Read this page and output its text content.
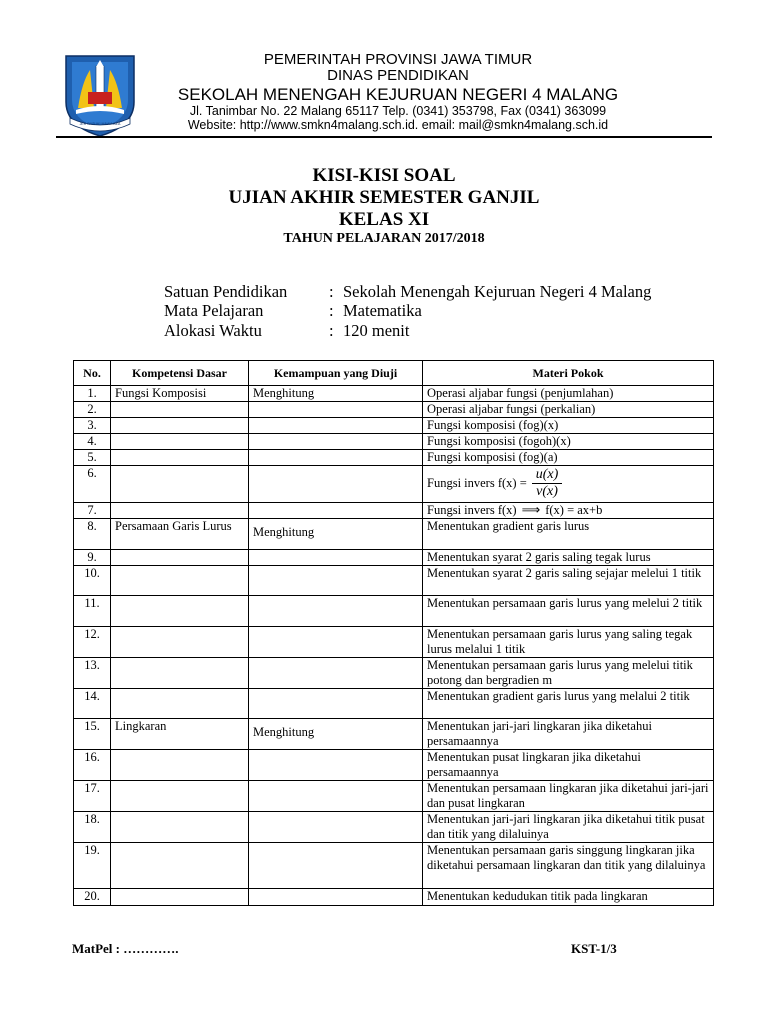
JER BASUKI MAWA BEA
PEMERINTAH PROVINSI JAWA TIMUR
DINAS PENDIDIKAN
SEKOLAH MENENGAH KEJURUAN NEGERI 4 MALANG
Jl. Tanimbar No. 22 Malang 65117 Telp. (0341) 353798, Fax (0341) 363099
Website: http://www.smkn4malang.sch.id. email: mail@smkn4malang.sch.id
KISI-KISI SOAL
UJIAN AKHIR SEMESTER GANJIL
KELAS XI
TAHUN PELAJARAN 2017/2018
Satuan Pendidikan	: Sekolah Menengah Kejuruan Negeri 4 Malang
Mata Pelajaran	: Matematika
Alokasi Waktu	: 120 menit
No.	Kompetensi Dasar	Kemampuan yang Diuji	Materi Pokok
1.	Fungsi Komposisi	Menghitung	Operasi aljabar fungsi (penjumlahan)
2.			Operasi aljabar fungsi (perkalian)
3.			Fungsi komposisi (fog)(x)
4.			Fungsi komposisi (fogoh)(x)
5.			Fungsi komposisi (fog)(a)
6.			Fungsi invers $f(x) = \frac{u(x)}{v(x)}$

7.			Fungsi invers f(x) ⟹ f(x) = ax+b
8.	Persamaan Garis Lurus	Menghitung	Menentukan gradient garis lurus
9.			Menentukan syarat 2 garis saling tegak lurus
10.			Menentukan syarat 2 garis saling sejajar melelui 1 titik
11.			Menentukan persamaan garis lurus yang melelui 2 titik
12.			Menentukan persamaan garis lurus yang saling tegak lurus melalui 1 titik
13.			Menentukan persamaan garis lurus yang melelui titik potong dan bergradien m
14.			Menentukan gradient garis lurus yang melalui 2 titik
15.	Lingkaran	Menghitung	Menentukan jari-jari lingkaran jika diketahui persamaannya
16.			Menentukan pusat lingkaran jika diketahui persamaannya
17.			Menentukan persamaan lingkaran jika diketahui jari-jari dan pusat lingkaran
18.			Menentukan jari-jari lingkaran jika diketahui titik pusat dan titik yang dilaluinya
19.			Menentukan persamaan garis singgung lingkaran jika diketahui persamaan lingkaran dan titik yang dilaluinya
20.			Menentukan kedudukan titik pada lingkaran
MatPel : ………….	KST-1/3
